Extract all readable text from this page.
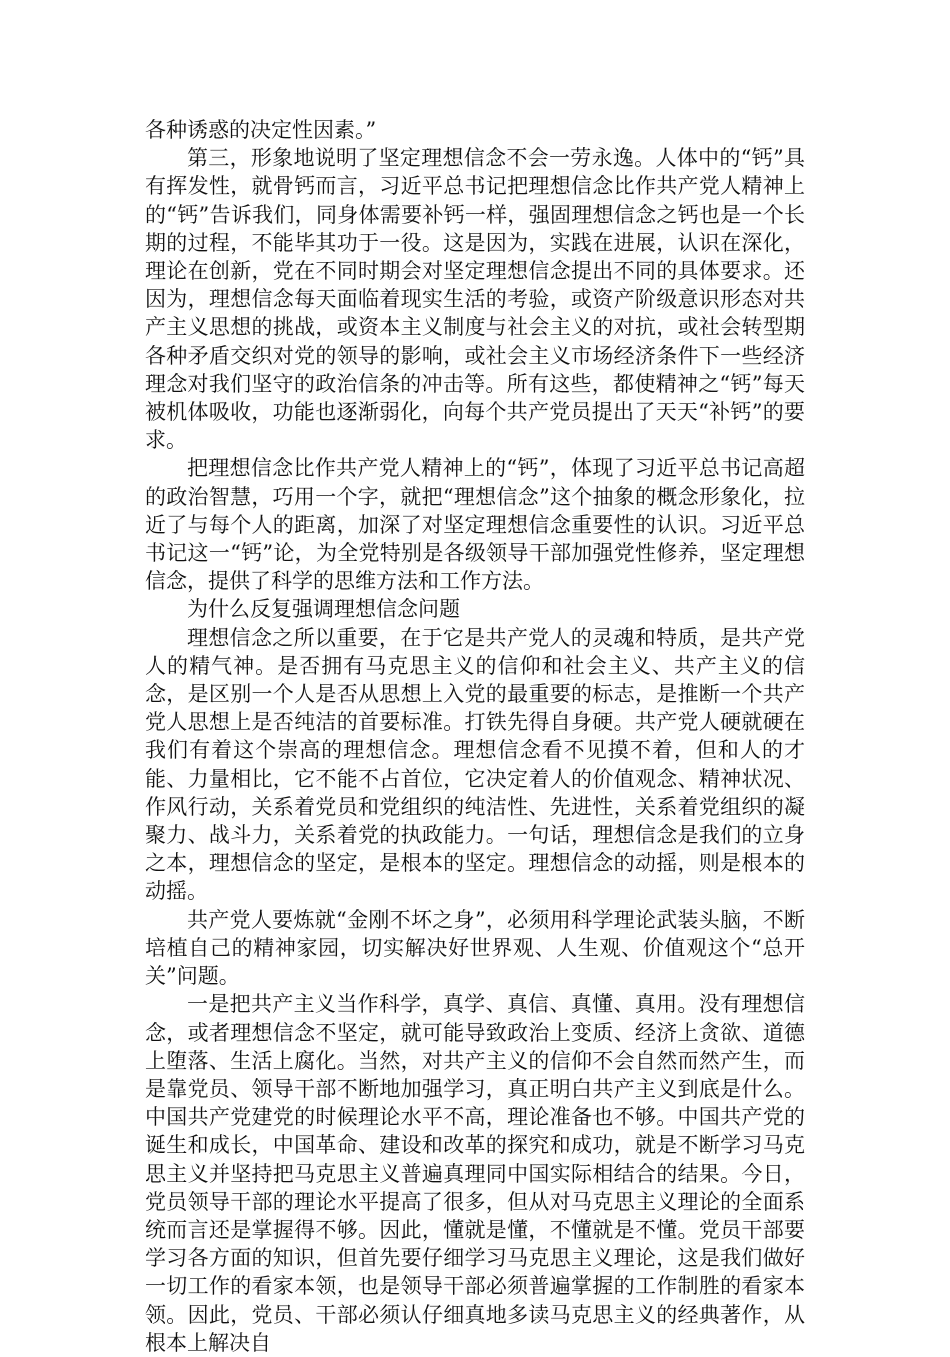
各种诱惑的决定性因素。”

第三，形象地说明了坚定理想信念不会一劳永逸。人体中的“钙”具有挥发性，就骨钙而言，习近平总书记把理想信念比作共产党人精神上的“钙”告诉我们，同身体需要补钙一样，强固理想信念之钙也是一个长期的过程，不能毕其功于一役。这是因为，实践在进展，认识在深化，理论在创新，党在不同时期会对坚定理想信念提出不同的具体要求。还因为，理想信念每天面临着现实生活的考验，或资产阶级意识形态对共产主义思想的挑战，或资本主义制度与社会主义的对抗，或社会转型期各种矛盾交织对党的领导的影响，或社会主义市场经济条件下一些经济理念对我们坚守的政治信条的冲击等。所有这些，都使精神之“钙”每天被机体吸收，功能也逐渐弱化，向每个共产党员提出了天天“补钙”的要求。

把理想信念比作共产党人精神上的“钙”，体现了习近平总书记高超的政治智慧，巧用一个字，就把“理想信念”这个抽象的概念形象化，拉近了与每个人的距离，加深了对坚定理想信念重要性的认识。习近平总书记这一“钙”论，为全党特别是各级领导干部加强党性修养，坚定理想信念，提供了科学的思维方法和工作方法。

为什么反复强调理想信念问题

理想信念之所以重要，在于它是共产党人的灵魂和特质，是共产党人的精气神。是否拥有马克思主义的信仰和社会主义、共产主义的信念，是区别一个人是否从思想上入党的最重要的标志，是推断一个共产党人思想上是否纯洁的首要标准。打铁先得自身硬。共产党人硬就硬在我们有着这个崇高的理想信念。理想信念看不见摸不着，但和人的才能、力量相比，它不能不占首位，它决定着人的价值观念、精神状况、作风行动，关系着党员和党组织的纯洁性、先进性，关系着党组织的凝聚力、战斗力，关系着党的执政能力。一句话，理想信念是我们的立身之本，理想信念的坚定，是根本的坚定。理想信念的动摇，则是根本的动摇。

共产党人要炼就“金刚不坏之身”，必须用科学理论武装头脑，不断培植自己的精神家园，切实解决好世界观、人生观、价值观这个“总开关”问题。

一是把共产主义当作科学，真学、真信、真懂、真用。没有理想信念，或者理想信念不坚定，就可能导致政治上变质、经济上贪欲、道德上堕落、生活上腐化。当然，对共产主义的信仰不会自然而然产生，而是靠党员、领导干部不断地加强学习，真正明白共产主义到底是什么。中国共产党建党的时候理论水平不高，理论准备也不够。中国共产党的诞生和成长，中国革命、建设和改革的探究和成功，就是不断学习马克思主义并坚持把马克思主义普遍真理同中国实际相结合的结果。今日，党员领导干部的理论水平提高了很多，但从对马克思主义理论的全面系统而言还是掌握得不够。因此，懂就是懂，不懂就是不懂。党员干部要学习各方面的知识，但首先要仔细学习马克思主义理论，这是我们做好一切工作的看家本领，也是领导干部必须普遍掌握的工作制胜的看家本领。因此，党员、干部必须认仔细真地多读马克思主义的经典著作，从根本上解决自
